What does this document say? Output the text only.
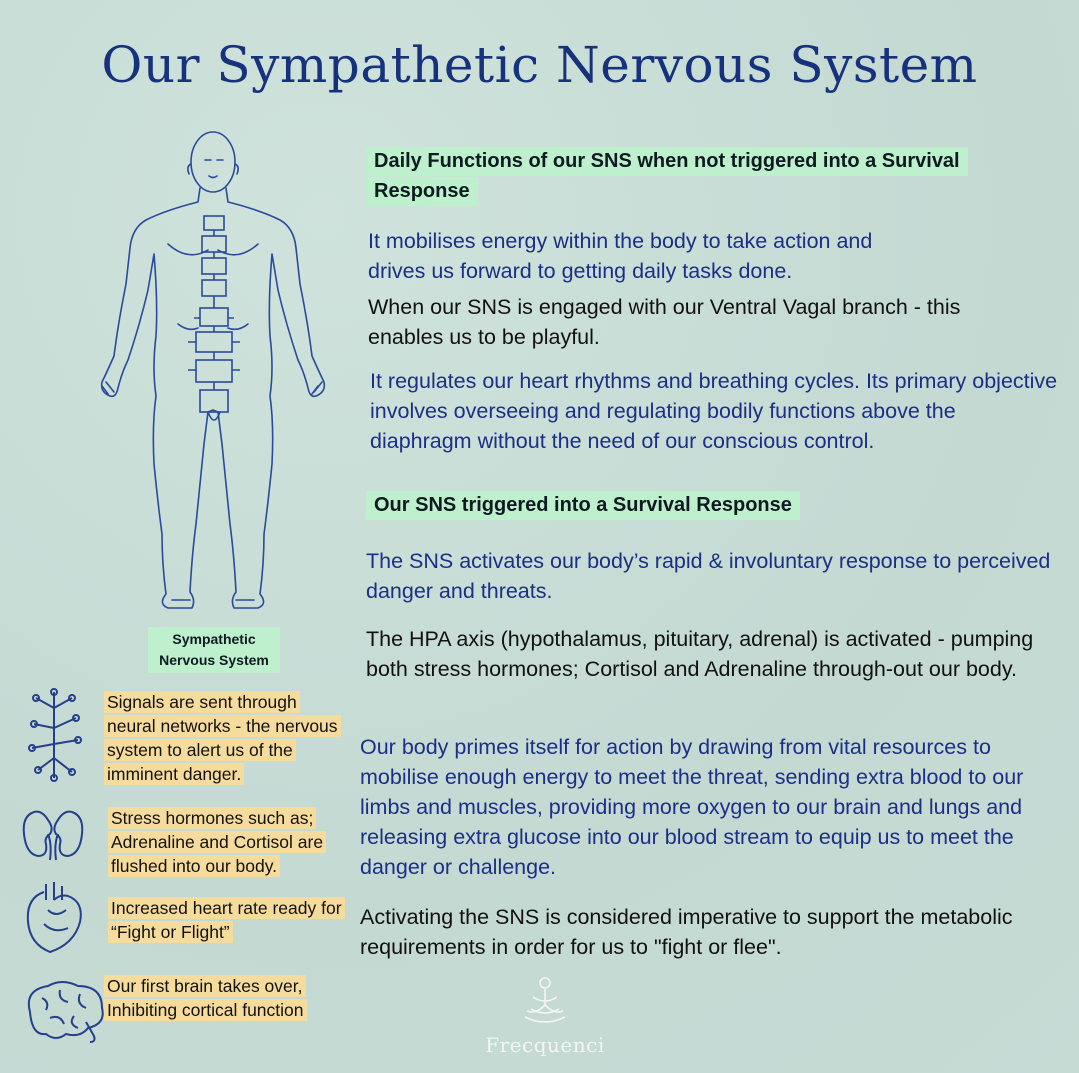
Our Sympathetic Nervous System
Sympathetic Nervous System
Daily Functions of our SNS when not triggered into a Survival Response
It mobilises energy within the body to take action and drives us forward to getting daily tasks done.
When our SNS is engaged with our Ventral Vagal branch - this enables us to be playful.
It regulates our heart rhythms and breathing cycles. Its primary objective involves overseeing and regulating bodily functions above the diaphragm without the need of our conscious control.
Our SNS triggered into a Survival Response
The SNS activates our body’s rapid & involuntary response to perceived danger and threats.
The HPA axis (hypothalamus, pituitary, adrenal) is activated - pumping both stress hormones; Cortisol and Adrenaline through-out our body.
Our body primes itself for action by drawing from vital resources to mobilise enough energy to meet the threat, sending extra blood to our limbs and muscles, providing more oxygen to our brain and lungs and releasing extra glucose into our blood stream to equip us to meet the danger or challenge.
Activating the SNS is considered imperative to support the metabolic requirements in order for us to "fight or flee".
Signals are sent through neural networks - the nervous system to alert us of the imminent danger.
Stress hormones such as; Adrenaline and Cortisol are flushed into our body.
Increased heart rate ready for “Fight or Flight”
Our first brain takes over, Inhibiting cortical function
Frecquenci
